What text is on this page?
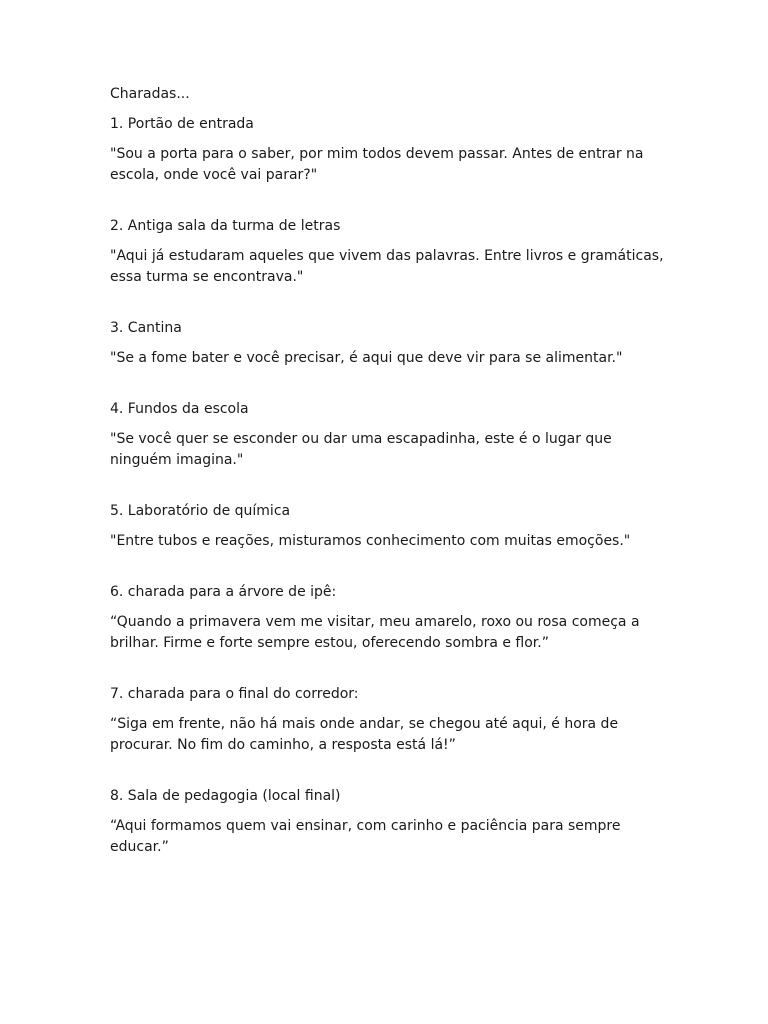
Charadas...

1. Portão de entrada

"Sou a porta para o saber, por mim todos devem passar. Antes de entrar na escola, onde você vai parar?"

2. Antiga sala da turma de letras

"Aqui já estudaram aqueles que vivem das palavras. Entre livros e gramáticas, essa turma se encontrava."

3. Cantina

"Se a fome bater e você precisar, é aqui que deve vir para se alimentar."

4. Fundos da escola

"Se você quer se esconder ou dar uma escapadinha, este é o lugar que ninguém imagina."

5. Laboratório de química

"Entre tubos e reações, misturamos conhecimento com muitas emoções."

6. charada para a árvore de ipê:

“Quando a primavera vem me visitar, meu amarelo, roxo ou rosa começa a brilhar. Firme e forte sempre estou, oferecendo sombra e flor.”

7. charada para o final do corredor:

“Siga em frente, não há mais onde andar, se chegou até aqui, é hora de procurar. No fim do caminho, a resposta está lá!”

8. Sala de pedagogia (local final)

“Aqui formamos quem vai ensinar, com carinho e paciência para sempre educar.”
